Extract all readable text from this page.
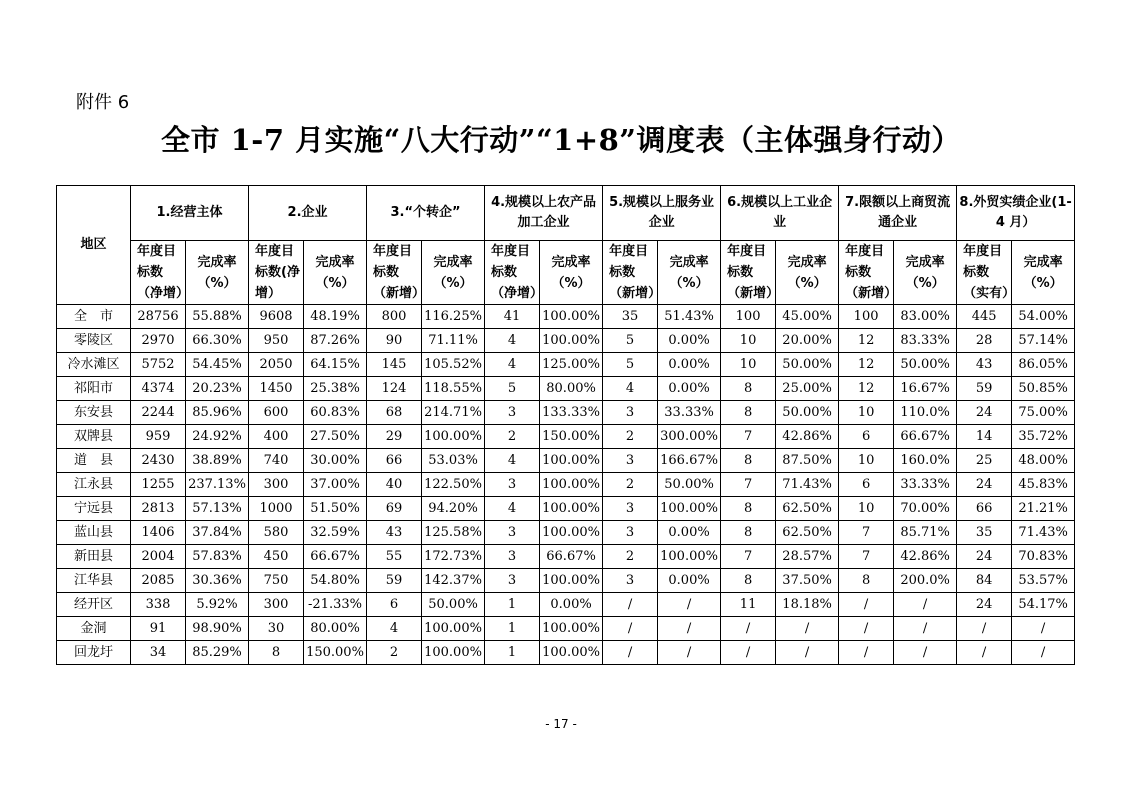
附件 6
全市 1-7 月实施“八大行动”“1+8”调度表（主体强身行动）
地区	1.经营主体		2.企业		3.“个转企”		4.规模以上农产品加工企业		5.规模以上服务业企业		6.规模以上工业企业		7.限额以上商贸流通企业		8.外贸实绩企业(1-4 月）	
	年度目标数（净增）	完成率（%）	年度目标数(净增）	完成率（%）	年度目标数（新增）	完成率（%）	年度目标数（净增）	完成率（%）	年度目标数（新增）	完成率（%）	年度目标数（新增）	完成率（%）	年度目标数（新增）	完成率（%）	年度目标数（实有）	完成率（%）
全　市	28756	55.88%	9608	48.19%	800	116.25%	41	100.00%	35	51.43%	100	45.00%	100	83.00%	445	54.00%
零陵区	2970	66.30%	950	87.26%	90	71.11%	4	100.00%	5	0.00%	10	20.00%	12	83.33%	28	57.14%
冷水滩区	5752	54.45%	2050	64.15%	145	105.52%	4	125.00%	5	0.00%	10	50.00%	12	50.00%	43	86.05%
祁阳市	4374	20.23%	1450	25.38%	124	118.55%	5	80.00%	4	0.00%	8	25.00%	12	16.67%	59	50.85%
东安县	2244	85.96%	600	60.83%	68	214.71%	3	133.33%	3	33.33%	8	50.00%	10	110.0%	24	75.00%
双牌县	959	24.92%	400	27.50%	29	100.00%	2	150.00%	2	300.00%	7	42.86%	6	66.67%	14	35.72%
道　县	2430	38.89%	740	30.00%	66	53.03%	4	100.00%	3	166.67%	8	87.50%	10	160.0%	25	48.00%
江永县	1255	237.13%	300	37.00%	40	122.50%	3	100.00%	2	50.00%	7	71.43%	6	33.33%	24	45.83%
宁远县	2813	57.13%	1000	51.50%	69	94.20%	4	100.00%	3	100.00%	8	62.50%	10	70.00%	66	21.21%
蓝山县	1406	37.84%	580	32.59%	43	125.58%	3	100.00%	3	0.00%	8	62.50%	7	85.71%	35	71.43%
新田县	2004	57.83%	450	66.67%	55	172.73%	3	66.67%	2	100.00%	7	28.57%	7	42.86%	24	70.83%
江华县	2085	30.36%	750	54.80%	59	142.37%	3	100.00%	3	0.00%	8	37.50%	8	200.0%	84	53.57%
经开区	338	5.92%	300	-21.33%	6	50.00%	1	0.00%	/	/	11	18.18%	/	/	24	54.17%
金洞	91	98.90%	30	80.00%	4	100.00%	1	100.00%	/	/	/	/	/	/	/	/
回龙圩	34	85.29%	8	150.00%	2	100.00%	1	100.00%	/	/	/	/	/	/	/	/
- 17 -
